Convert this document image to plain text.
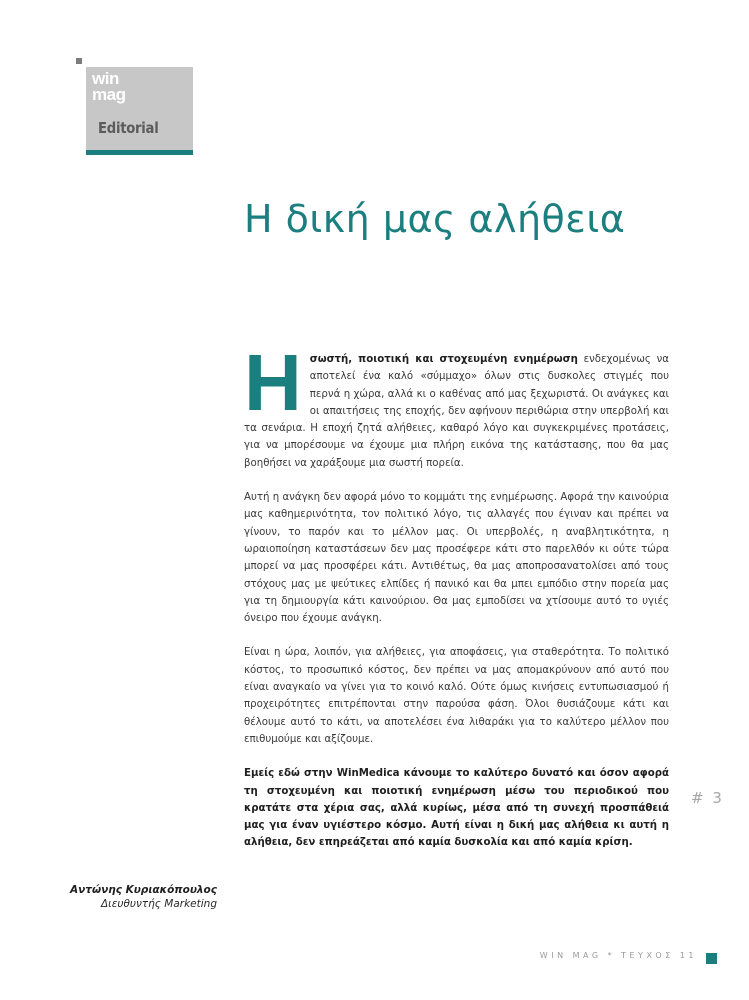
win
mag
Editorial
Η δική μας αλήθεια

Ησωστή, ποιοτική και στοχευμένη ενημέρωση ενδεχομένως να αποτελεί ένα καλό «σύμμαχο» όλων στις δυσκολες στιγμές που περνά η χώρα, αλλά κι ο καθένας από μας ξεχωριστά. Οι ανάγκες και οι απαιτήσεις της εποχής, δεν αφήνουν περιθώρια στην υπερβολή και τα σενάρια. Η εποχή ζητά αλήθειες, καθαρό λόγο και συγκεκριμένες προτάσεις, για να μπορέσουμε να έχουμε μια πλήρη εικόνα της κατάστασης, που θα μας βοηθήσει να χαράξουμε μια σωστή πορεία.

Αυτή η ανάγκη δεν αφορά μόνο το κομμάτι της ενημέρωσης. Αφορά την καινούρια μας καθημερινότητα, τον πολιτικό λόγο, τις αλλαγές που έγιναν και πρέπει να γίνουν, το παρόν και το μέλλον μας. Οι υπερβολές, η αναβλητικότητα, η ωραιοποίηση καταστάσεων δεν μας προσέφερε κάτι στο παρελθόν κι ούτε τώρα μπορεί να μας προσφέρει κάτι. Αντιθέτως, θα μας αποπροσανατολίσει από τους στόχους μας με ψεύτικες ελπίδες ή πανικό και θα μπει εμπόδιο στην πορεία μας για τη δημιουργία κάτι καινούριου. Θα μας εμποδίσει να χτίσουμε αυτό το υγιές όνειρο που έχουμε ανάγκη.

Είναι η ώρα, λοιπόν, για αλήθειες, για αποφάσεις, για σταθερότητα. Το πολιτικό κόστος, το προσωπικό κόστος, δεν πρέπει να μας απομακρύνουν από αυτό που είναι αναγκαίο να γίνει για το κοινό καλό. Ούτε όμως κινήσεις εντυπωσιασμού ή προχειρότητες επιτρέπονται στην παρούσα φάση. Όλοι θυσιάζουμε κάτι και θέλουμε αυτό το κάτι, να αποτελέσει ένα λιθαράκι για το καλύτερο μέλλον που επιθυμούμε και αξίζουμε.

Εμείς εδώ στην WinMedica κάνουμε το καλύτερο δυνατό και όσον αφορά τη στοχευμένη και ποιοτική ενημέρωση μέσω του περιοδικού που κρατάτε στα χέρια σας, αλλά κυρίως, μέσα από τη συνεχή προσπάθειά μας για έναν υγιέστερο κόσμο. Αυτή είναι η δική μας αλήθεια κι αυτή η αλήθεια, δεν επηρεάζεται από καμία δυσκολία και από καμία κρίση.

# 3
Αντώνης Κυριακόπουλος
Διευθυντής Marketing
WIN MAG * ΤΕΥΧΟΣ 11
